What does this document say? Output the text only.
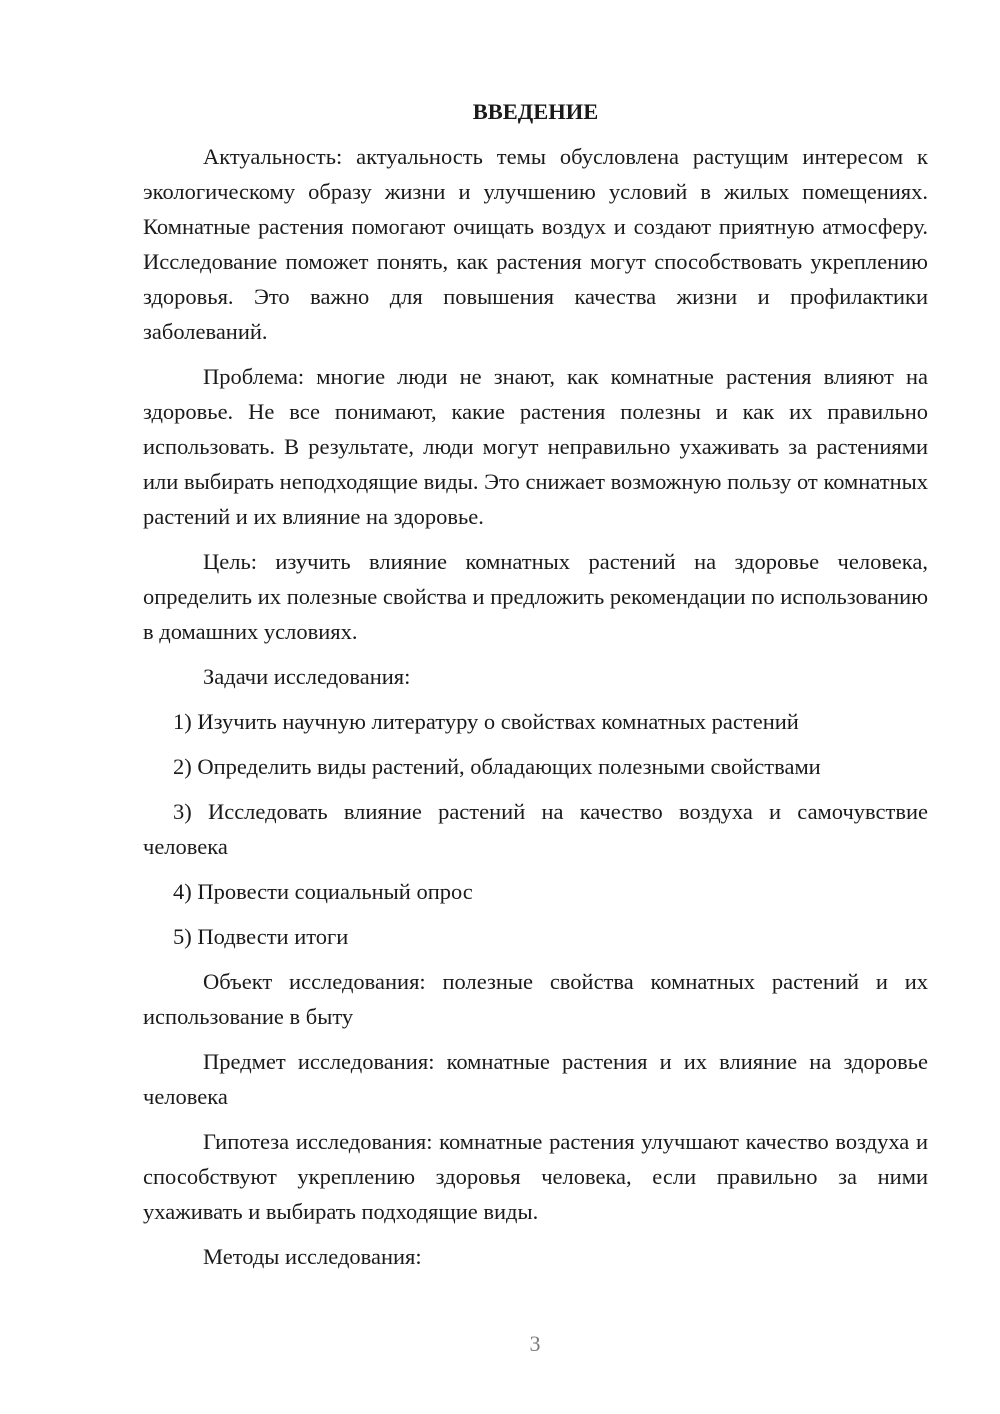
ВВЕДЕНИЕ

Актуальность: актуальность темы обусловлена растущим интересом к экологическому образу жизни и улучшению условий в жилых помещениях. Комнатные растения помогают очищать воздух и создают приятную атмосферу. Исследование поможет понять, как растения могут способствовать укреплению здоровья. Это важно для повышения качества жизни и профилактики заболеваний.

Проблема: многие люди не знают, как комнатные растения влияют на здоровье. Не все понимают, какие растения полезны и как их правильно использовать. В результате, люди могут неправильно ухаживать за растениями или выбирать неподходящие виды. Это снижает возможную пользу от комнатных растений и их влияние на здоровье.

Цель: изучить влияние комнатных растений на здоровье человека, определить их полезные свойства и предложить рекомендации по использованию в домашних условиях.

Задачи исследования:

1) Изучить научную литературу о свойствах комнатных растений

2) Определить виды растений, обладающих полезными свойствами

3) Исследовать влияние растений на качество воздуха и самочувствие человека

4) Провести социальный опрос

5) Подвести итоги

Объект исследования: полезные свойства комнатных растений и их использование в быту

Предмет исследования: комнатные растения и их влияние на здоровье человека

Гипотеза исследования: комнатные растения улучшают качество воздуха и способствуют укреплению здоровья человека, если правильно за ними ухаживать и выбирать подходящие виды.

Методы исследования:

3
